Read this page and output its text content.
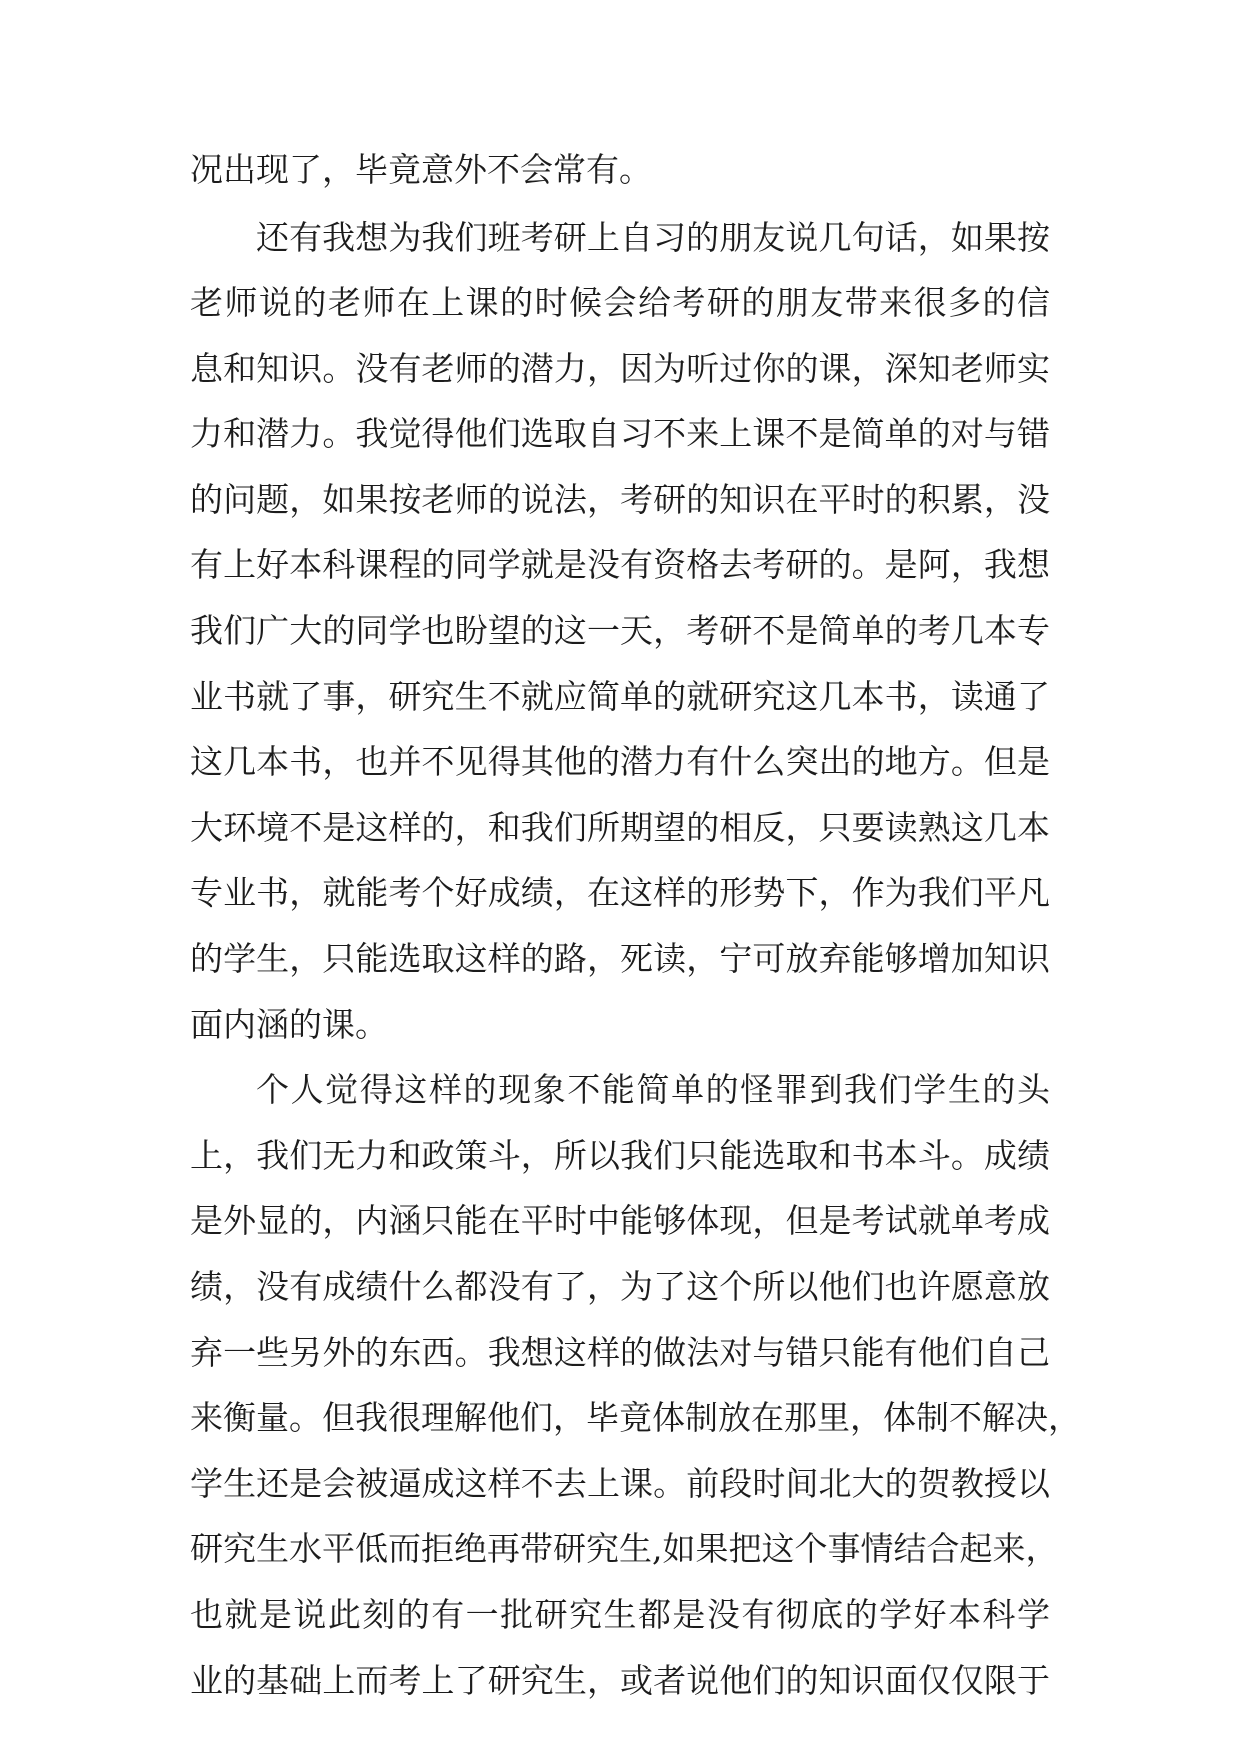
况出现了，毕竟意外不会常有。
还有我想为我们班考研上自习的朋友说几句话，如果按
老师说的老师在上课的时候会给考研的朋友带来很多的信
息和知识。没有老师的潜力，因为听过你的课，深知老师实
力和潜力。我觉得他们选取自习不来上课不是简单的对与错
的问题，如果按老师的说法，考研的知识在平时的积累，没
有上好本科课程的同学就是没有资格去考研的。是阿，我想
我们广大的同学也盼望的这一天，考研不是简单的考几本专
业书就了事，研究生不就应简单的就研究这几本书，读通了
这几本书，也并不见得其他的潜力有什么突出的地方。但是
大环境不是这样的，和我们所期望的相反，只要读熟这几本
专业书，就能考个好成绩，在这样的形势下，作为我们平凡
的学生，只能选取这样的路，死读，宁可放弃能够增加知识
面内涵的课。
个人觉得这样的现象不能简单的怪罪到我们学生的头
上，我们无力和政策斗，所以我们只能选取和书本斗。成绩
是外显的，内涵只能在平时中能够体现，但是考试就单考成
绩，没有成绩什么都没有了，为了这个所以他们也许愿意放
弃一些另外的东西。我想这样的做法对与错只能有他们自己
来衡量。但我很理解他们，毕竟体制放在那里，体制不解决，
学生还是会被逼成这样不去上课。前段时间北大的贺教授以
研究生水平低而拒绝再带研究生,如果把这个事情结合起来，
也就是说此刻的有一批研究生都是没有彻底的学好本科学
业的基础上而考上了研究生，或者说他们的知识面仅仅限于
